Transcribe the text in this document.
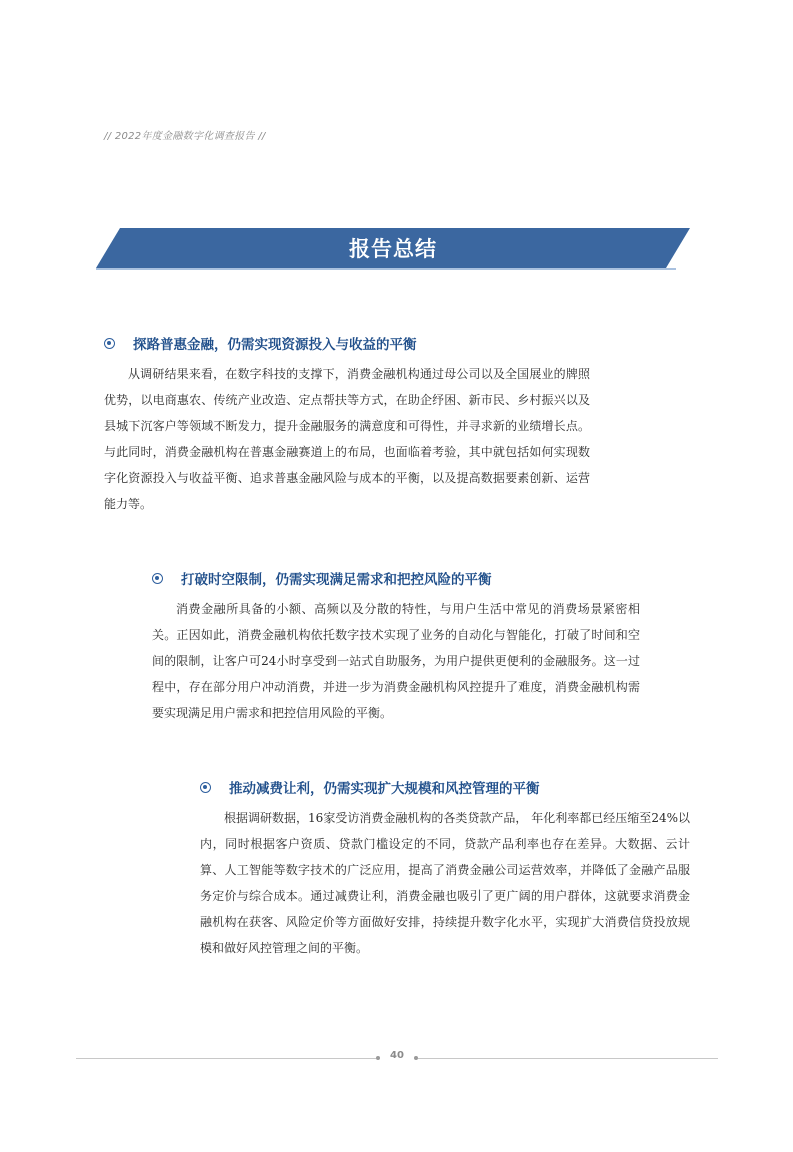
// 2022年度金融数字化调查报告 //
报告总结
探路普惠金融，仍需实现资源投入与收益的平衡
从调研结果来看，在数字科技的支撑下，消费金融机构通过母公司以及全国展业的牌照优势，以电商惠农、传统产业改造、定点帮扶等方式，在助企纾困、新市民、乡村振兴以及县城下沉客户等领域不断发力，提升金融服务的满意度和可得性，并寻求新的业绩增长点。与此同时，消费金融机构在普惠金融赛道上的布局，也面临着考验，其中就包括如何实现数字化资源投入与收益平衡、追求普惠金融风险与成本的平衡，以及提高数据要素创新、运营能力等。
打破时空限制，仍需实现满足需求和把控风险的平衡
消费金融所具备的小额、高频以及分散的特性，与用户生活中常见的消费场景紧密相关。正因如此，消费金融机构依托数字技术实现了业务的自动化与智能化，打破了时间和空间的限制，让客户可24小时享受到一站式自助服务，为用户提供更便利的金融服务。这一过程中，存在部分用户冲动消费，并进一步为消费金融机构风控提升了难度，消费金融机构需要实现满足用户需求和把控信用风险的平衡。
推动减费让利，仍需实现扩大规模和风控管理的平衡
根据调研数据，16家受访消费金融机构的各类贷款产品， 年化利率都已经压缩至24%以内，同时根据客户资质、贷款门槛设定的不同，贷款产品利率也存在差异。大数据、云计算、人工智能等数字技术的广泛应用，提高了消费金融公司运营效率，并降低了金融产品服务定价与综合成本。通过减费让利，消费金融也吸引了更广阔的用户群体，这就要求消费金融机构在获客、风险定价等方面做好安排，持续提升数字化水平，实现扩大消费信贷投放规模和做好风控管理之间的平衡。
40
